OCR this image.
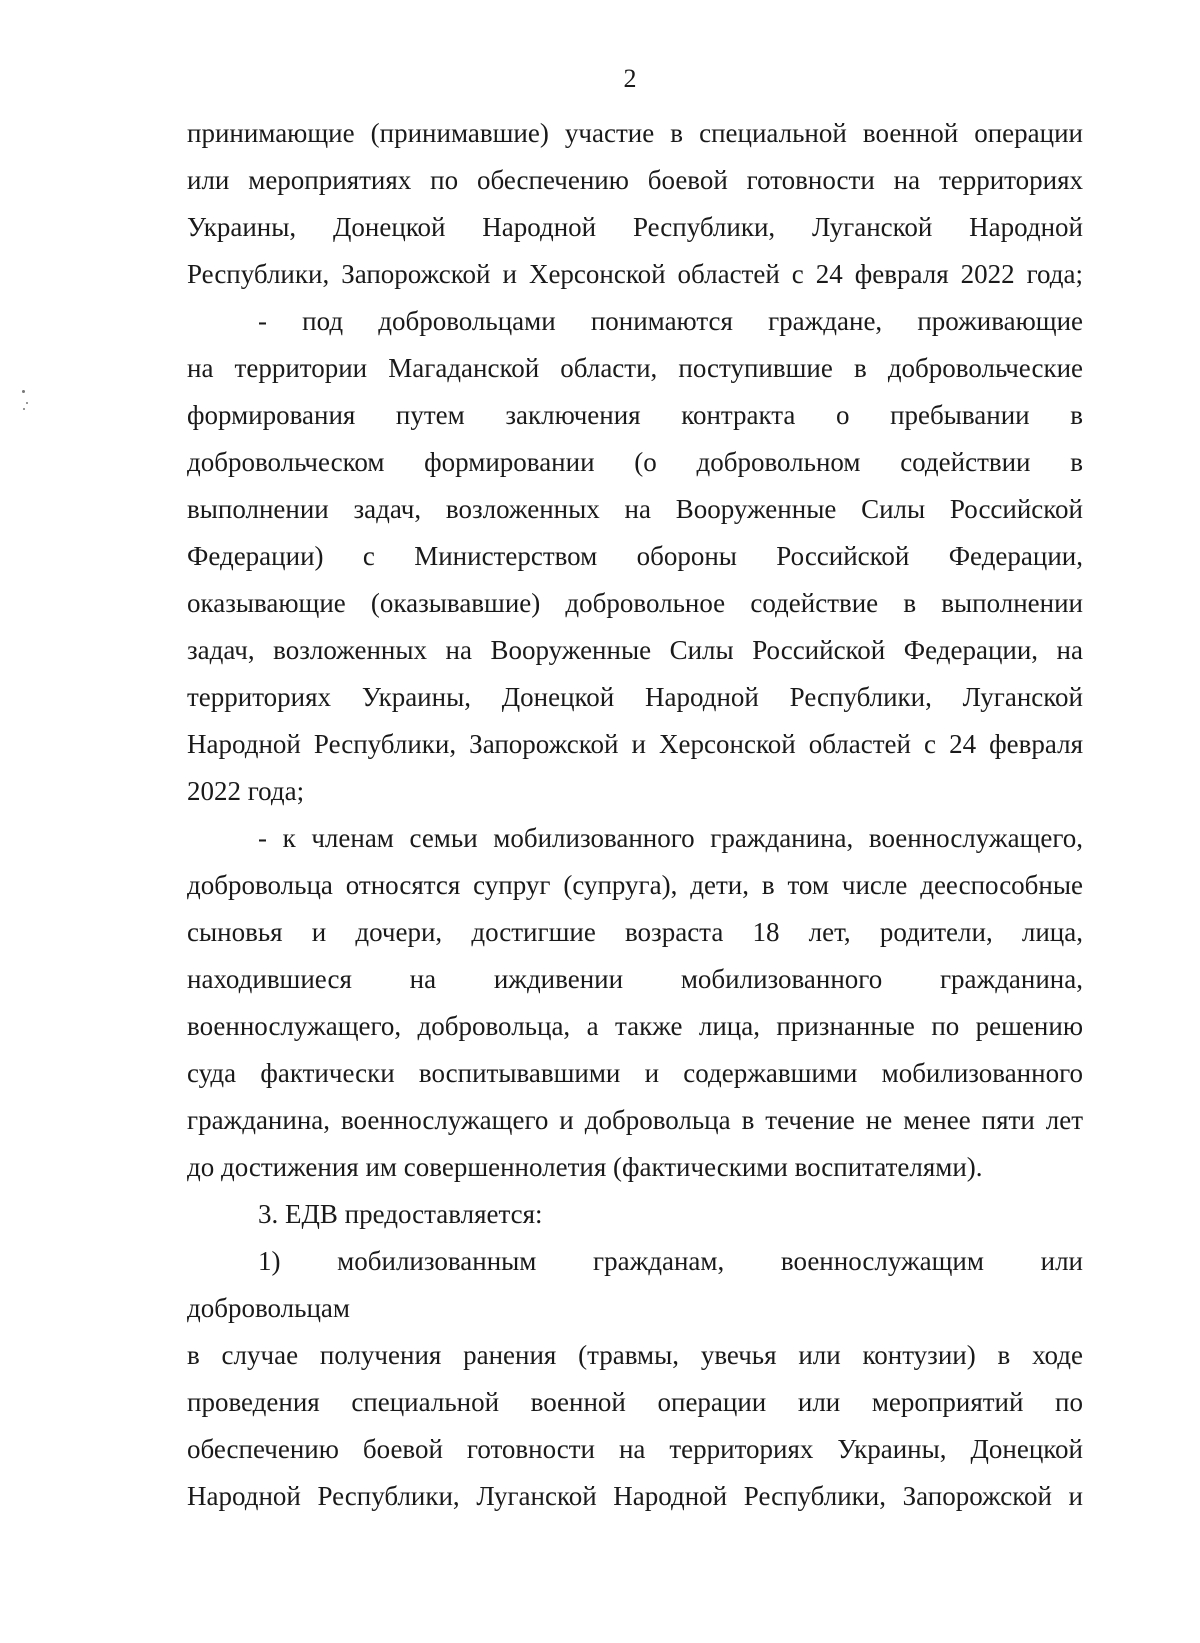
2
принимающие (принимавшие) участие в специальной военной операции
или мероприятиях по обеспечению боевой готовности на территориях
Украины, Донецкой Народной Республики, Луганской Народной
Республики, Запорожской и Херсонской областей с 24 февраля 2022 года;
- под добровольцами понимаются граждане, проживающие
на территории Магаданской области, поступившие в добровольческие
формирования путем заключения контракта о пребывании в
добровольческом формировании (о добровольном содействии в
выполнении задач, возложенных на Вооруженные Силы Российской
Федерации) с Министерством обороны Российской Федерации,
оказывающие (оказывавшие) добровольное содействие в выполнении
задач, возложенных на Вооруженные Силы Российской Федерации, на
территориях Украины, Донецкой Народной Республики, Луганской
Народной Республики, Запорожской и Херсонской областей с 24 февраля
2022 года;
- к членам семьи мобилизованного гражданина, военнослужащего,
добровольца относятся супруг (супруга), дети, в том числе дееспособные
сыновья и дочери, достигшие возраста 18 лет, родители, лица,
находившиеся на иждивении мобилизованного гражданина,
военнослужащего, добровольца, а также лица, признанные по решению
суда фактически воспитывавшими и содержавшими мобилизованного
гражданина, военнослужащего и добровольца в течение не менее пяти лет
до достижения им совершеннолетия (фактическими воспитателями).
3. ЕДВ предоставляется:
1) мобилизованным гражданам, военнослужащим или
добровольцам
в случае получения ранения (травмы, увечья или контузии) в ходе
проведения специальной военной операции или мероприятий по
обеспечению боевой готовности на территориях Украины, Донецкой
Народной Республики, Луганской Народной Республики, Запорожской и
